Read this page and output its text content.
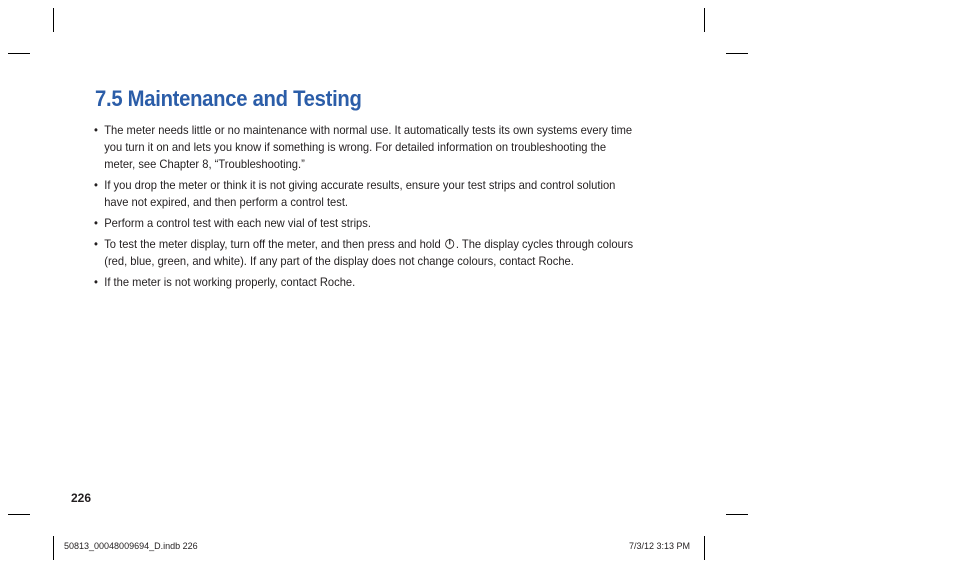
7.5 Maintenance and Testing
• The meter needs little or no maintenance with normal use. It automatically tests its own systems every time you turn it on and lets you know if something is wrong. For detailed information on troubleshooting the meter, see Chapter 8, “Troubleshooting.”
• If you drop the meter or think it is not giving accurate results, ensure your test strips and control solution have not expired, and then perform a control test.
• Perform a control test with each new vial of test strips.
• To test the meter display, turn off the meter, and then press and hold . The display cycles through colours (red, blue, green, and white). If any part of the display does not change colours, contact Roche.
• If the meter is not working properly, contact Roche.
226
50813_00048009694_D.indb 226	7/3/12 3:13 PM
